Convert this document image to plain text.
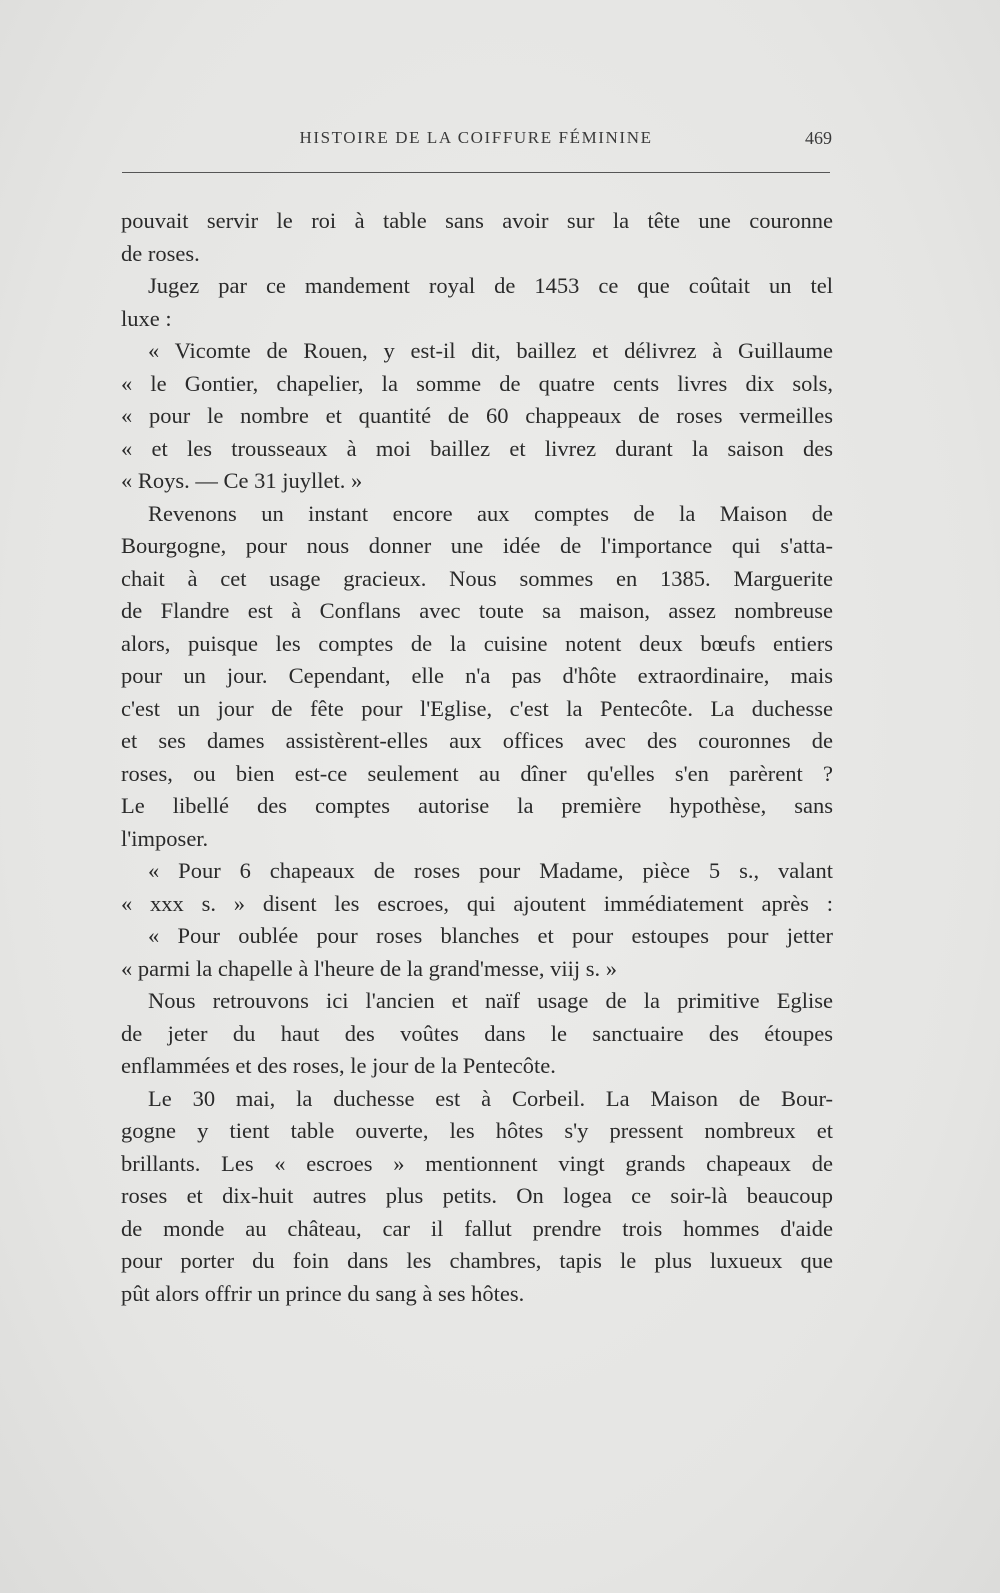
HISTOIRE DE LA COIFFURE FÉMININE	469
pouvait servir le roi à table sans avoir sur la tête une couronne
de roses.
Jugez par ce mandement royal de 1453 ce que coûtait un tel
luxe :
« Vicomte de Rouen, y est-il dit, baillez et délivrez à Guillaume
« le Gontier, chapelier, la somme de quatre cents livres dix sols,
« pour le nombre et quantité de 60 chappeaux de roses vermeilles
« et les trousseaux à moi baillez et livrez durant la saison des
« Roys. — Ce 31 juyllet. »
Revenons un instant encore aux comptes de la Maison de
Bourgogne, pour nous donner une idée de l'importance qui s'atta-
chait à cet usage gracieux. Nous sommes en 1385. Marguerite
de Flandre est à Conflans avec toute sa maison, assez nombreuse
alors, puisque les comptes de la cuisine notent deux bœufs entiers
pour un jour. Cependant, elle n'a pas d'hôte extraordinaire, mais
c'est un jour de fête pour l'Eglise, c'est la Pentecôte. La duchesse
et ses dames assistèrent-elles aux offices avec des couronnes de
roses, ou bien est-ce seulement au dîner qu'elles s'en parèrent ?
Le libellé des comptes autorise la première hypothèse, sans
l'imposer.
« Pour 6 chapeaux de roses pour Madame, pièce 5 s., valant
« xxx s. » disent les escroes, qui ajoutent immédiatement après :
« Pour oublée pour roses blanches et pour estoupes pour jetter
« parmi la chapelle à l'heure de la grand'messe, viij s. »
Nous retrouvons ici l'ancien et naïf usage de la primitive Eglise
de jeter du haut des voûtes dans le sanctuaire des étoupes
enflammées et des roses, le jour de la Pentecôte.
Le 30 mai, la duchesse est à Corbeil. La Maison de Bour-
gogne y tient table ouverte, les hôtes s'y pressent nombreux et
brillants. Les « escroes » mentionnent vingt grands chapeaux de
roses et dix-huit autres plus petits. On logea ce soir-là beaucoup
de monde au château, car il fallut prendre trois hommes d'aide
pour porter du foin dans les chambres, tapis le plus luxueux que
pût alors offrir un prince du sang à ses hôtes.
